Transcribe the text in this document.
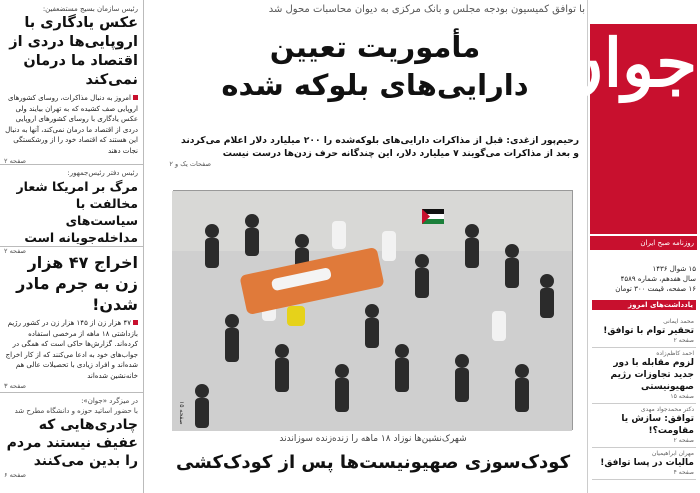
جوان
روزنامه صبح ایران
۱۵ شوال ۱۴۳۶
سال هفدهم، شماره ۴۵۸۹
۱۶ صفحه، قیمت ۳۰۰ تومان
یادداشت‌های امروز
محمد ایمانی
تحقیر توام با توافق!
صفحه ۲
احمد کاظم‌زاده
لزوم مقابله با دور جدید تجاوزات رژیم صهیونیستی
صفحه ۱۵
دکتر محمدجواد مهدی
توافق: سازش یا مقاومت؟!
صفحه ۲
مهران ابراهیمیان
مالیات در پسا توافق!
صفحه ۴
با توافق کمیسیون بودجه مجلس و بانک مرکزی به دیوان محاسبات محول شد
مأموریت تعیین
دارایی‌های بلوکه شده
رحیم‌پور ازغدی: قبل از مذاکرات دارایی‌های بلوکه‌شده را ۲۰۰ میلیارد دلار اعلام می‌کردند
و بعد از مذاکرات می‌گویند ۷ میلیارد دلار، این چندگانه حرف زدن‌ها درست نیست
صفحات یک و ۲
صفحه ۱۵
شهرک‌نشین‌ها نوزاد ۱۸ ماهه را زنده‌زنده سوزاندند
کودک‌سوزی صهیونیست‌ها پس از کودک‌کشی
رئیس سازمان بسیج مستضعفین:
عکس یادگاری با اروپایی‌ها دردی از اقتصاد ما درمان نمی‌کند
امروز به دنبال مذاکرات، روسای کشورهای اروپایی صف کشیده که به تهران بیایند ولی عکس یادگاری با روسای کشورهای اروپایی دردی از اقتصاد ما درمان نمی‌کند، آنها به دنبال این هستند که اقتصاد خود را از ورشکستگی نجات دهند
صفحه ۲
رئیس دفتر رئیس‌جمهور:
مرگ بر امریکا شعار مخالفت با سیاست‌های مداخله‌جویانه است
صفحه ۲
اخراج ۴۷ هزار زن به جرم مادر شدن!
۴۷ هزار زن از ۱۴۵ هزار زن در کشور رژیم بازداشتی ۱۸ ماهه از مرخصی استفاده کرده‌اند. گزارش‌ها حاکی است که همگی در جواب‌های خود به ادعا می‌کنند که از کار اخراج شده‌اند و افراد زیادی با تحصیلات عالی هم خانه‌نشین شده‌اند
صفحه ۳
در میزگرد «جوان»:
با حضور اساتید حوزه و دانشگاه مطرح شد
چادری‌هایی که عفیف نیستند مردم را بدین می‌کنند
صفحه ۶
